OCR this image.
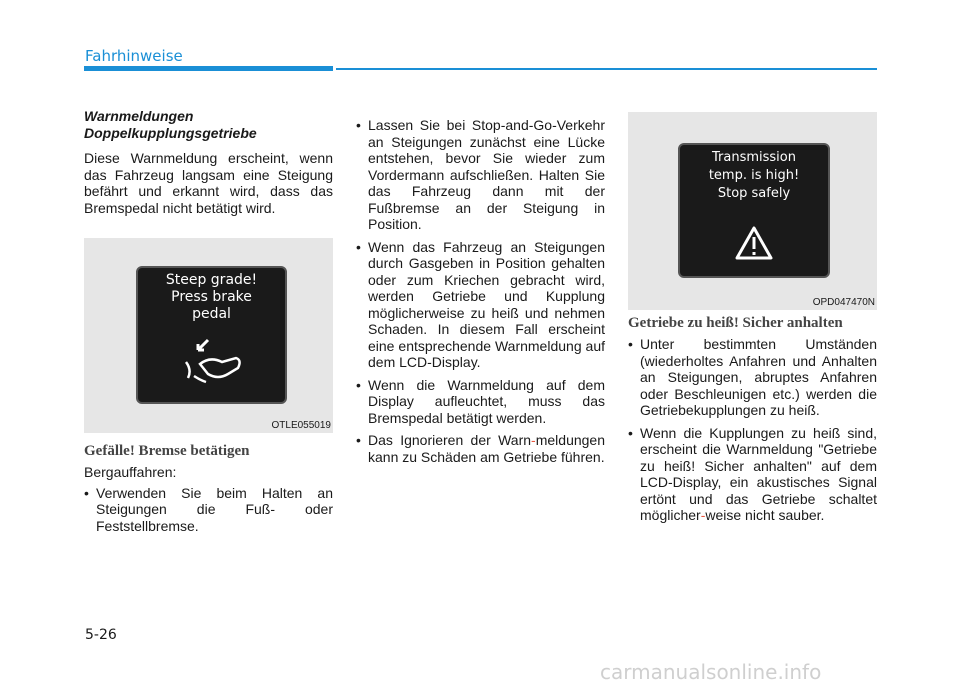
Fahrhinweise
Warnmeldungen
Doppelkupplungsgetriebe

Diese Warnmeldung erscheint, wenn das Fahrzeug langsam eine Steigung befährt und erkannt wird, dass das Bremspedal nicht betätigt wird.

Steep grade!
Press brake
pedal
OTLE055019
Gefälle! Bremse betätigen

Bergauffahren:

• Verwenden Sie beim Halten an Steigungen die Fuß- oder Feststellbremse.
• Lassen Sie bei Stop-and-Go-Verkehr an Steigungen zunächst eine Lücke entstehen, bevor Sie wieder zum Vordermann aufschließen. Halten Sie das Fahrzeug dann mit der Fußbremse an der Steigung in Position.
• Wenn das Fahrzeug an Steigungen durch Gasgeben in Position gehalten oder zum Kriechen gebracht wird, werden Getriebe und Kupplung möglicherweise zu heiß und nehmen Schaden. In diesem Fall erscheint eine entsprechende Warnmeldung auf dem LCD-Display.
• Wenn die Warnmeldung auf dem Display aufleuchtet, muss das Bremspedal betätigt werden.
• Das Ignorieren der Warn-meldungen kann zu Schäden am Getriebe führen.
Transmission
temp. is high!
Stop safely
OPD047470N
Getriebe zu heiß! Sicher anhalten
• Unter bestimmten Umständen (wiederholtes Anfahren und Anhalten an Steigungen, abruptes Anfahren oder Beschleunigen etc.) werden die Getriebekupplungen zu heiß.
• Wenn die Kupplungen zu heiß sind, erscheint die Warnmeldung "Getriebe zu heiß! Sicher anhalten" auf dem LCD-Display, ein akustisches Signal ertönt und das Getriebe schaltet möglicher-weise nicht sauber.
5-26
carmanualsonline.info
